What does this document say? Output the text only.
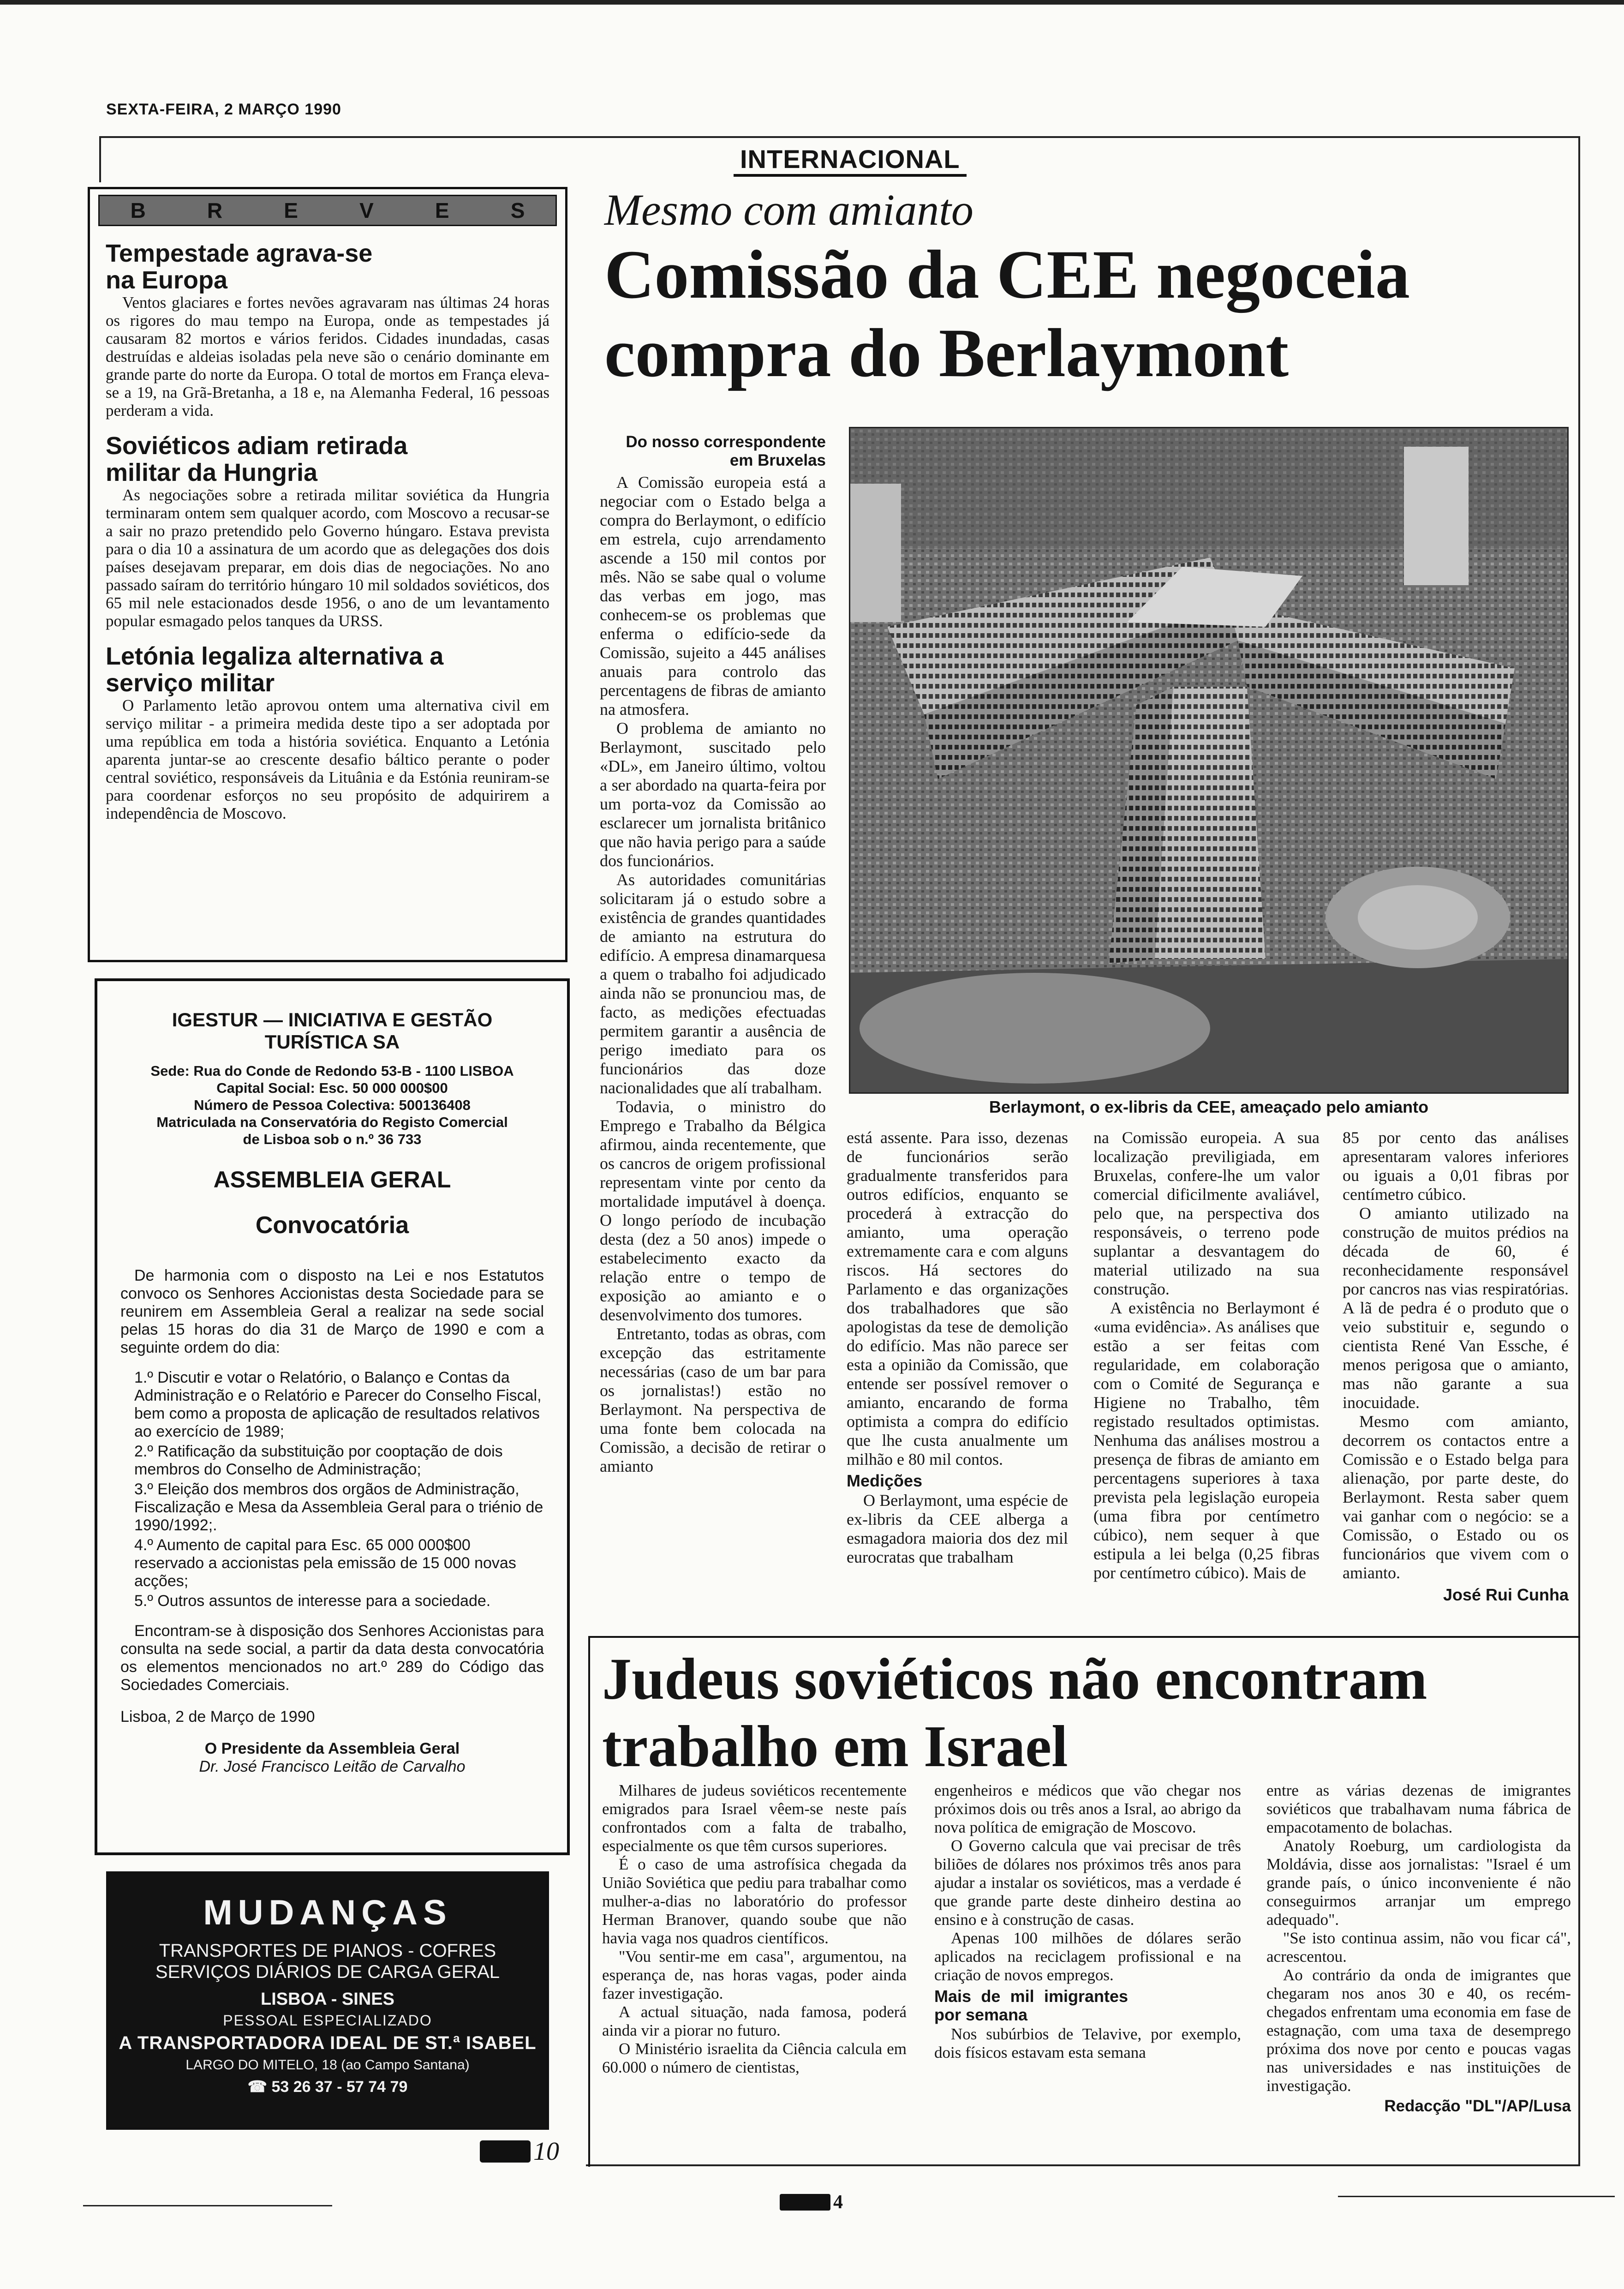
SEXTA-FEIRA, 2 MARÇO 1990
INTERNACIONAL
B	R	E	V	E	S
Tempestade agrava-se na Europa

Ventos glaciares e fortes nevões agravaram nas últimas 24 horas os rigores do mau tempo na Europa, onde as tempestades já causaram 82 mortos e vários feridos. Cidades inundadas, casas destruídas e aldeias isoladas pela neve são o cenário dominante em grande parte do norte da Europa. O total de mortos em França eleva-se a 19, na Grã-Bretanha, a 18 e, na Alemanha Federal, 16 pessoas perderam a vida.

Soviéticos adiam retirada militar da Hungria

As negociações sobre a retirada militar soviética da Hungria terminaram ontem sem qualquer acordo, com Moscovo a recusar-se a sair no prazo pretendido pelo Governo húngaro. Estava prevista para o dia 10 a assinatura de um acordo que as delegações dos dois países desejavam preparar, em dois dias de negociações. No ano passado saíram do território húngaro 10 mil soldados soviéticos, dos 65 mil nele estacionados desde 1956, o ano de um levantamento popular esmagado pelos tanques da URSS.

Letónia legaliza alternativa a serviço militar

O Parlamento letão aprovou ontem uma alternativa civil em serviço militar - a primeira medida deste tipo a ser adoptada por uma república em toda a história soviética. Enquanto a Letónia aparenta juntar-se ao crescente desafio báltico perante o poder central soviético, responsáveis da Lituânia e da Estónia reuniram-se para coordenar esforços no seu propósito de adquirirem a independência de Moscovo.

IGESTUR — INICIATIVA E GESTÃO TURÍSTICA SA

Sede: Rua do Conde de Redondo 53-B - 1100 LISBOA

Capital Social: Esc. 50 000 000$00

Número de Pessoa Colectiva: 500136408

Matriculada na Conservatória do Registo Comercial

de Lisboa sob o n.º 36 733

ASSEMBLEIA GERAL

Convocatória

De harmonia com o disposto na Lei e nos Estatutos convoco os Senhores Accionistas desta Sociedade para se reunirem em Assembleia Geral a realizar na sede social pelas 15 horas do dia 31 de Março de 1990 e com a seguinte ordem do dia:

1.º Discutir e votar o Relatório, o Balanço e Contas da Administração e o Relatório e Parecer do Conselho Fiscal, bem como a proposta de aplicação de resultados relativos ao exercício de 1989;

2.º Ratificação da substituição por cooptação de dois membros do Conselho de Administração;

3.º Eleição dos membros dos orgãos de Administração, Fiscalização e Mesa da Assembleia Geral para o triénio de 1990/1992;.

4.º Aumento de capital para Esc. 65 000 000$00 reservado a accionistas pela emissão de 15 000 novas acções;

5.º Outros assuntos de interesse para a sociedade.

Encontram-se à disposição dos Senhores Accionistas para consulta na sede social, a partir da data desta convocatória os elementos mencionados no art.º 289 do Código das Sociedades Comerciais.

Lisboa, 2 de Março de 1990

O Presidente da Assembleia Geral

Dr. José Francisco Leitão de Carvalho

MUDANÇAS

TRANSPORTES DE PIANOS - COFRES

SERVIÇOS DIÁRIOS DE CARGA GERAL

LISBOA - SINES

PESSOAL ESPECIALIZADO

A TRANSPORTADORA IDEAL DE ST.ª ISABEL

LARGO DO MITELO, 18 (ao Campo Santana)

☎ 53 26 37 - 57 74 79

10
4
Mesmo com amianto
Comissão da CEE negoceia compra do Berlaymont
Do nosso correspondente
em Bruxelas
Berlaymont, o ex-libris da CEE, ameaçado pelo amianto

A Comissão europeia está a negociar com o Estado belga a compra do Berlaymont, o edifício em estrela, cujo arrendamento ascende a 150 mil contos por mês. Não se sabe qual o volume das verbas em jogo, mas conhecem-se os problemas que enferma o edifício-sede da Comissão, sujeito a 445 análises anuais para controlo das percentagens de fibras de amianto na atmosfera.

O problema de amianto no Berlaymont, suscitado pelo «DL», em Janeiro último, voltou a ser abordado na quarta-feira por um porta-voz da Comissão ao esclarecer um jornalista britânico que não havia perigo para a saúde dos funcionários.

As autoridades comunitárias solicitaram já o estudo sobre a existência de grandes quantidades de amianto na estrutura do edifício. A empresa dinamarquesa a quem o trabalho foi adjudicado ainda não se pronunciou mas, de facto, as medições efectuadas permitem garantir a ausência de perigo imediato para os funcionários das doze nacionalidades que alí trabalham.

Todavia, o ministro do Emprego e Trabalho da Bélgica afirmou, ainda recentemente, que os cancros de origem profissional representam vinte por cento da mortalidade imputável à doença. O longo período de incubação desta (dez a 50 anos) impede o estabelecimento exacto da relação entre o tempo de exposição ao amianto e o desenvolvimento dos tumores.

Entretanto, todas as obras, com excepção das estritamente necessárias (caso de um bar para os jornalistas!) estão no Berlaymont. Na perspectiva de uma fonte bem colocada na Comissão, a decisão de retirar o amianto

está assente. Para isso, dezenas de funcionários serão gradualmente transferidos para outros edifícios, enquanto se procederá à extracção do amianto, uma operação extremamente cara e com alguns riscos. Há sectores do Parlamento e das organizações dos trabalhadores que são apologistas da tese de demolição do edifício. Mas não parece ser esta a opinião da Comissão, que entende ser possível remover o amianto, encarando de forma optimista a compra do edifício que lhe custa anualmente um milhão e 80 mil contos.

Medições

O Berlaymont, uma espécie de ex-libris da CEE alberga a esmagadora maioria dos dez mil eurocratas que trabalham

na Comissão europeia. A sua localização previligiada, em Bruxelas, confere-lhe um valor comercial dificilmente avaliável, pelo que, na perspectiva dos responsáveis, o terreno pode suplantar a desvantagem do material utilizado na sua construção.

A existência no Berlaymont é «uma evidência». As análises que estão a ser feitas com regularidade, em colaboração com o Comité de Segurança e Higiene no Trabalho, têm registado resultados optimistas. Nenhuma das análises mostrou a presença de fibras de amianto em percentagens superiores à taxa prevista pela legislação europeia (uma fibra por centímetro cúbico), nem sequer à que estipula a lei belga (0,25 fibras por centímetro cúbico). Mais de

85 por cento das análises apresentaram valores inferiores ou iguais a 0,01 fibras por centímetro cúbico.

O amianto utilizado na construção de muitos prédios na década de 60, é reconhecidamente responsável por cancros nas vias respiratórias. A lã de pedra é o produto que o veio substituir e, segundo o cientista René Van Essche, é menos perigosa que o amianto, mas não garante a sua inocuidade.

Mesmo com amianto, decorrem os contactos entre a Comissão e o Estado belga para alienação, por parte deste, do Berlaymont. Resta saber quem vai ganhar com o negócio: se a Comissão, o Estado ou os funcionários que vivem com o amianto.

José Rui Cunha
Judeus soviéticos não encontram trabalho em Israel

Milhares de judeus soviéticos recentemente emigrados para Israel vêem-se neste país confrontados com a falta de trabalho, especialmente os que têm cursos superiores.

É o caso de uma astrofísica chegada da União Soviética que pediu para trabalhar como mulher-a-dias no laboratório do professor Herman Branover, quando soube que não havia vaga nos quadros científicos.

"Vou sentir-me em casa", argumentou, na esperança de, nas horas vagas, poder ainda fazer investigação.

A actual situação, nada famosa, poderá ainda vir a piorar no futuro.

O Ministério israelita da Ciência calcula em 60.000 o número de cientistas,

engenheiros e médicos que vão chegar nos próximos dois ou três anos a Isral, ao abrigo da nova política de emigração de Moscovo.

O Governo calcula que vai precisar de três biliões de dólares nos próximos três anos para ajudar a instalar os soviéticos, mas a verdade é que grande parte deste dinheiro destina ao ensino e à construção de casas.

Apenas 100 milhões de dólares serão aplicados na reciclagem profissional e na criação de novos empregos.

Mais de mil imigrantes por semana

Nos subúrbios de Telavive, por exemplo, dois físicos estavam esta semana

entre as várias dezenas de imigrantes soviéticos que trabalhavam numa fábrica de empacotamento de bolachas.

Anatoly Roeburg, um cardiologista da Moldávia, disse aos jornalistas: "Israel é um grande país, o único inconveniente é não conseguirmos arranjar um emprego adequado".

"Se isto continua assim, não vou ficar cá", acrescentou.

Ao contrário da onda de imigrantes que chegaram nos anos 30 e 40, os recém-chegados enfrentam uma economia em fase de estagnação, com uma taxa de desemprego próxima dos nove por cento e poucas vagas nas universidades e nas instituições de investigação.

Redacção "DL"/AP/Lusa
